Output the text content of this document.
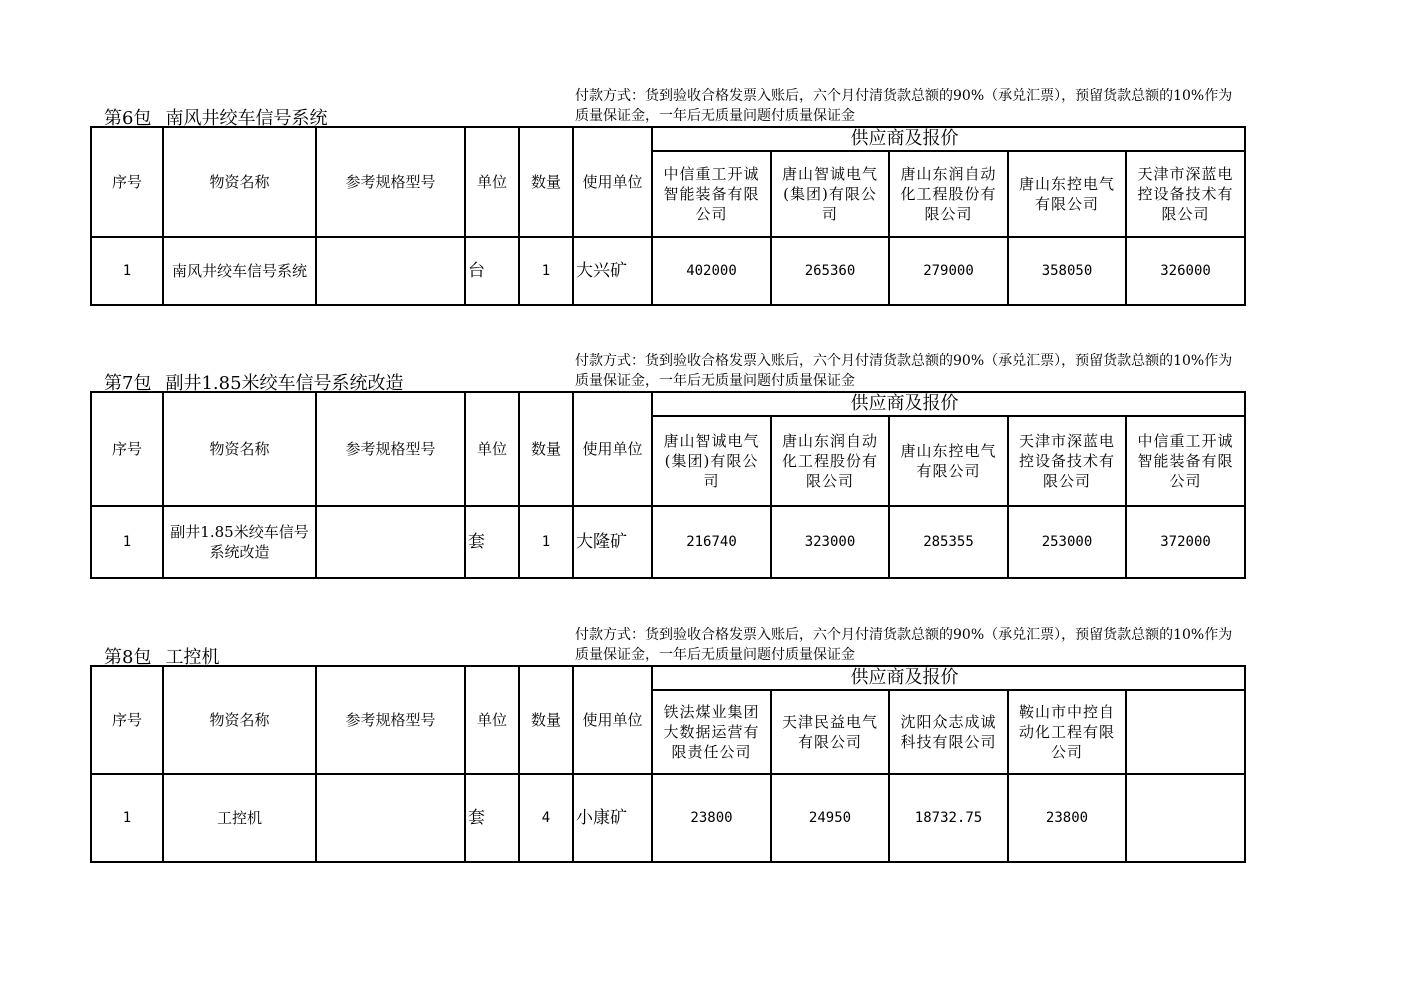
第6包 南风井绞车信号系统
付款方式：货到验收合格发票入账后，六个月付清货款总额的90%（承兑汇票），预留货款总额的10%作为质量保证金，一年后无质量问题付质量保证金
序号	物资名称	参考规格型号	单位	数量	使用单位	供应商及报价				
						中信重工开诚智能装备有限公司	唐山智诚电气(集团)有限公司	唐山东润自动化工程股份有限公司	唐山东控电气有限公司	天津市深蓝电控设备技术有限公司
1	南风井绞车信号系统		台	1	大兴矿	402000	265360	279000	358050	326000
第7包 副井1.85米绞车信号系统改造
付款方式：货到验收合格发票入账后，六个月付清货款总额的90%（承兑汇票），预留货款总额的10%作为质量保证金，一年后无质量问题付质量保证金
序号	物资名称	参考规格型号	单位	数量	使用单位	供应商及报价				
						唐山智诚电气(集团)有限公司	唐山东润自动化工程股份有限公司	唐山东控电气有限公司	天津市深蓝电控设备技术有限公司	中信重工开诚智能装备有限公司
1	副井1.85米绞车信号系统改造		套	1	大隆矿	216740	323000	285355	253000	372000
第8包 工控机
付款方式：货到验收合格发票入账后，六个月付清货款总额的90%（承兑汇票），预留货款总额的10%作为质量保证金，一年后无质量问题付质量保证金
序号	物资名称	参考规格型号	单位	数量	使用单位	供应商及报价				
						铁法煤业集团大数据运营有限责任公司	天津民益电气有限公司	沈阳众志成诚科技有限公司	鞍山市中控自动化工程有限公司	
1	工控机		套	4	小康矿	23800	24950	18732.75	23800	
